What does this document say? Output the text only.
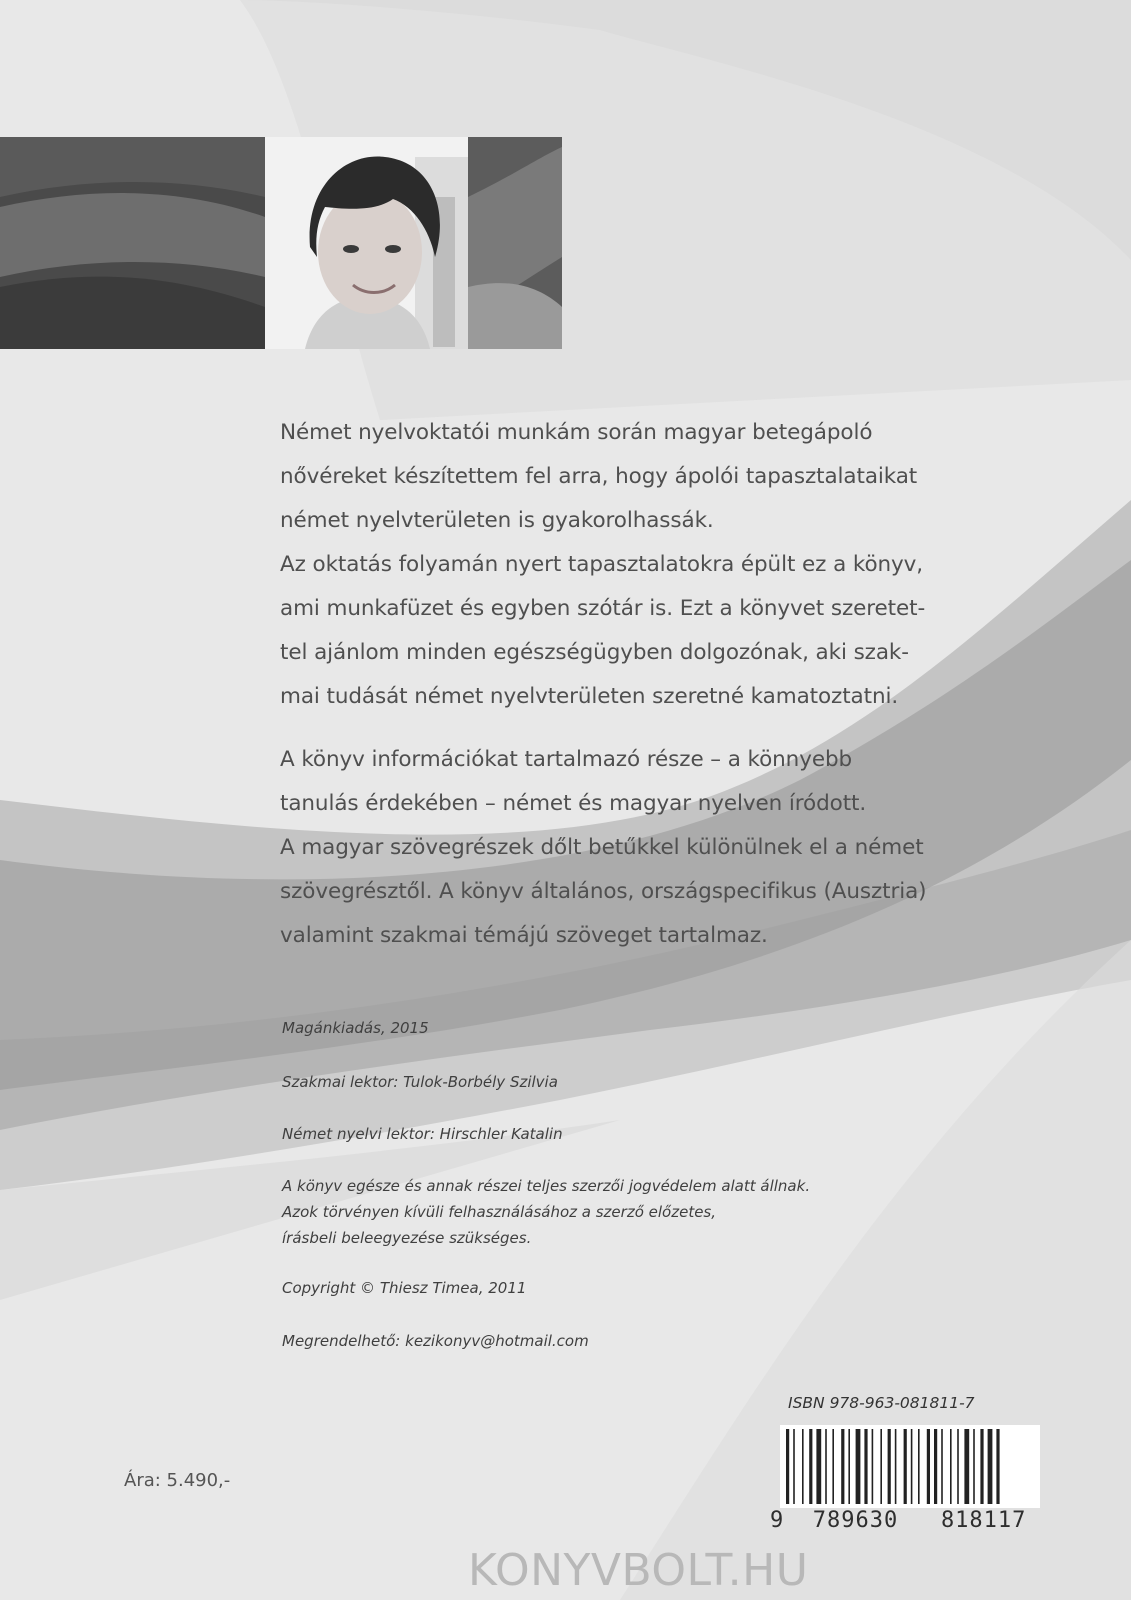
Német nyelvoktatói munkám során magyar betegápoló

nővéreket készítettem fel arra, hogy ápolói tapasztalataikat

német nyelvterületen is gyakorolhassák.

Az oktatás folyamán nyert tapasztalatokra épült ez a könyv,

ami munkafüzet és egyben szótár is. Ezt a könyvet szeretet-

tel ajánlom minden egészségügyben dolgozónak, aki szak-

mai tudását német nyelvterületen szeretné kamatoztatni.

A könyv információkat tartalmazó része – a könnyebb

tanulás érdekében – német és magyar nyelven íródott.

A magyar szövegrészek dőlt betűkkel különülnek el a német

szövegrésztől. A könyv általános, országspecifikus (Ausztria)

valamint szakmai témájú szöveget tartalmaz.

Magánkiadás, 2015
Szakmai lektor: Tulok-Borbély Szilvia
Német nyelvi lektor: Hirschler Katalin
A könyv egésze és annak részei teljes szerzői jogvédelem alatt állnak.
Azok törvényen kívüli felhasználásához a szerző előzetes,
írásbeli beleegyezése szükséges.
Copyright © Thiesz Timea, 2011
Megrendelhető: kezikonyv@hotmail.com
ISBN 978-963-081811-7
9  789630   818117
Ára: 5.490,-
KONYVBOLT.HU
